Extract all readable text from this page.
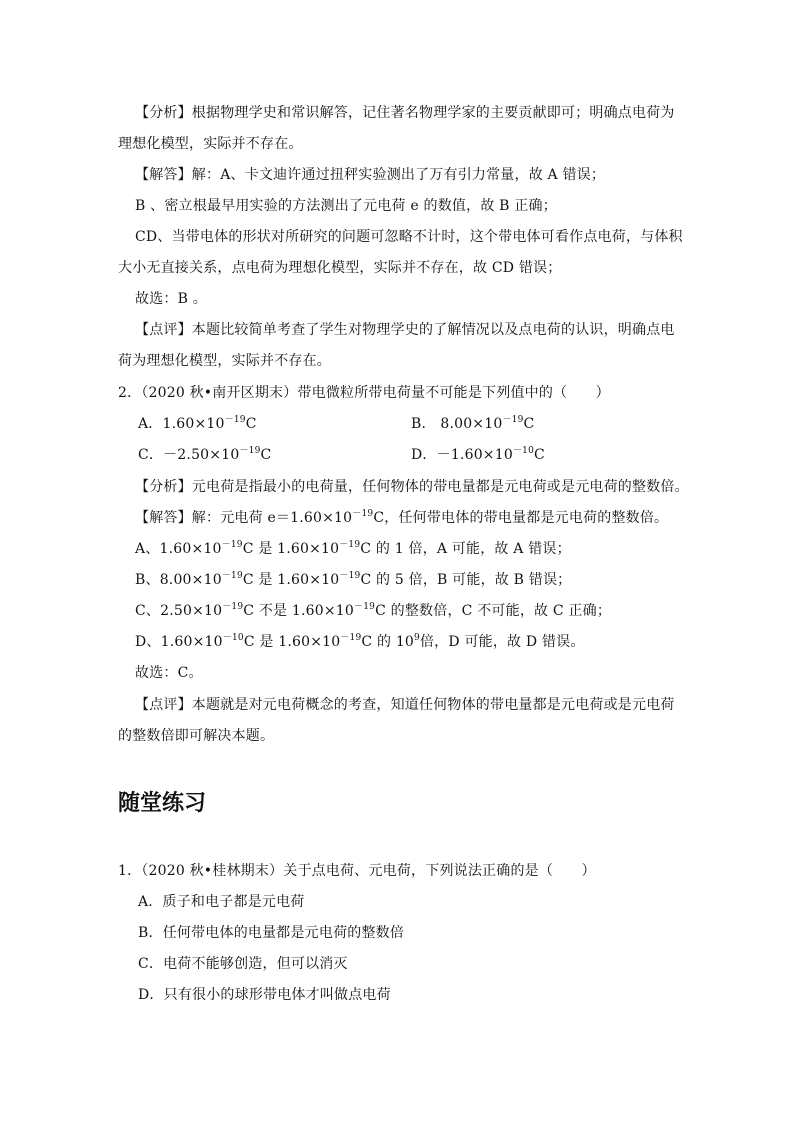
【分析】根据物理学史和常识解答，记住著名物理学家的主要贡献即可；明确点电荷为
理想化模型，实际并不存在。
【解答】解：A、卡文迪许通过扭秤实验测出了万有引力常量，故 A 错误；
B 、密立根最早用实验的方法测出了元电荷 e 的数值，故 B 正确；
CD、当带电体的形状对所研究的问题可忽略不计时，这个带电体可看作点电荷，与体积
大小无直接关系，点电荷为理想化模型，实际并不存在，故 CD 错误；
故选：B 。
【点评】本题比较简单考查了学生对物理学史的了解情况以及点电荷的认识，明确点电
荷为理想化模型，实际并不存在。
2．（2020 秋•南开区期末）带电微粒所带电荷量不可能是下列值中的（　　）
A．$1.60\times 10^{-19}C$	B． $8.00\times 10^{-19}C$
C．$-2.50\times 10^{-19}C$	D．$-1.60\times 10^{-10}C$
【分析】元电荷是指最小的电荷量，任何物体的带电量都是元电荷或是元电荷的整数倍。
【解答】解：元电荷 $e=1.60\times 10^{-19}C$，任何带电体的带电量都是元电荷的整数倍。
A、$1.60\times 10^{-19}C$ 是 $1.60\times 10^{-19}C$ 的 1 倍，A 可能，故 A 错误；
B、$8.00\times 10^{-19}C$ 是 $1.60\times 10^{-19}C$ 的 5 倍，B 可能，故 B 错误；
C、$2.50\times 10^{-19}C$ 不是 $1.60\times 10^{-19}C$ 的整数倍，C 不可能，故 C 正确；
D、$1.60\times 10^{-10}C$ 是 $1.60\times 10^{-19}C$ 的 $10^9$倍，D 可能，故 D 错误。
故选：C。
【点评】本题就是对元电荷概念的考查，知道任何物体的带电量都是元电荷或是元电荷
的整数倍即可解决本题。
随堂练习
1．（2020 秋•桂林期末）关于点电荷、元电荷，下列说法正确的是（　　）
A．质子和电子都是元电荷
B．任何带电体的电量都是元电荷的整数倍
C．电荷不能够创造，但可以消灭
D．只有很小的球形带电体才叫做点电荷
